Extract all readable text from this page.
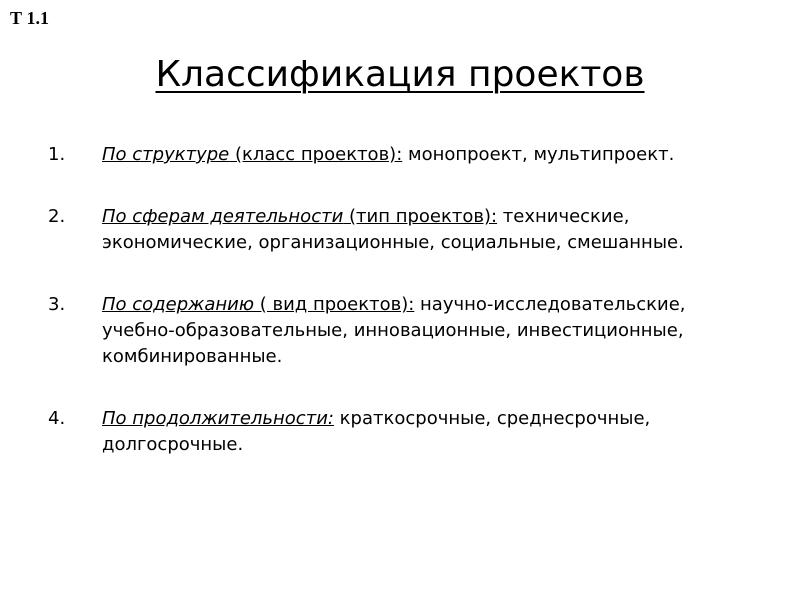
Т 1.1
Классификация проектов
1. По структуре (класс проектов): монопроект, мультипроект.
2. По сферам деятельности (тип проектов): технические, экономические, организационные, социальные, смешанные.
3. По содержанию ( вид проектов): научно-исследовательские, учебно-образовательные, инновационные, инвестиционные, комбинированные.
4. По продолжительности: краткосрочные, среднесрочные, долгосрочные.
